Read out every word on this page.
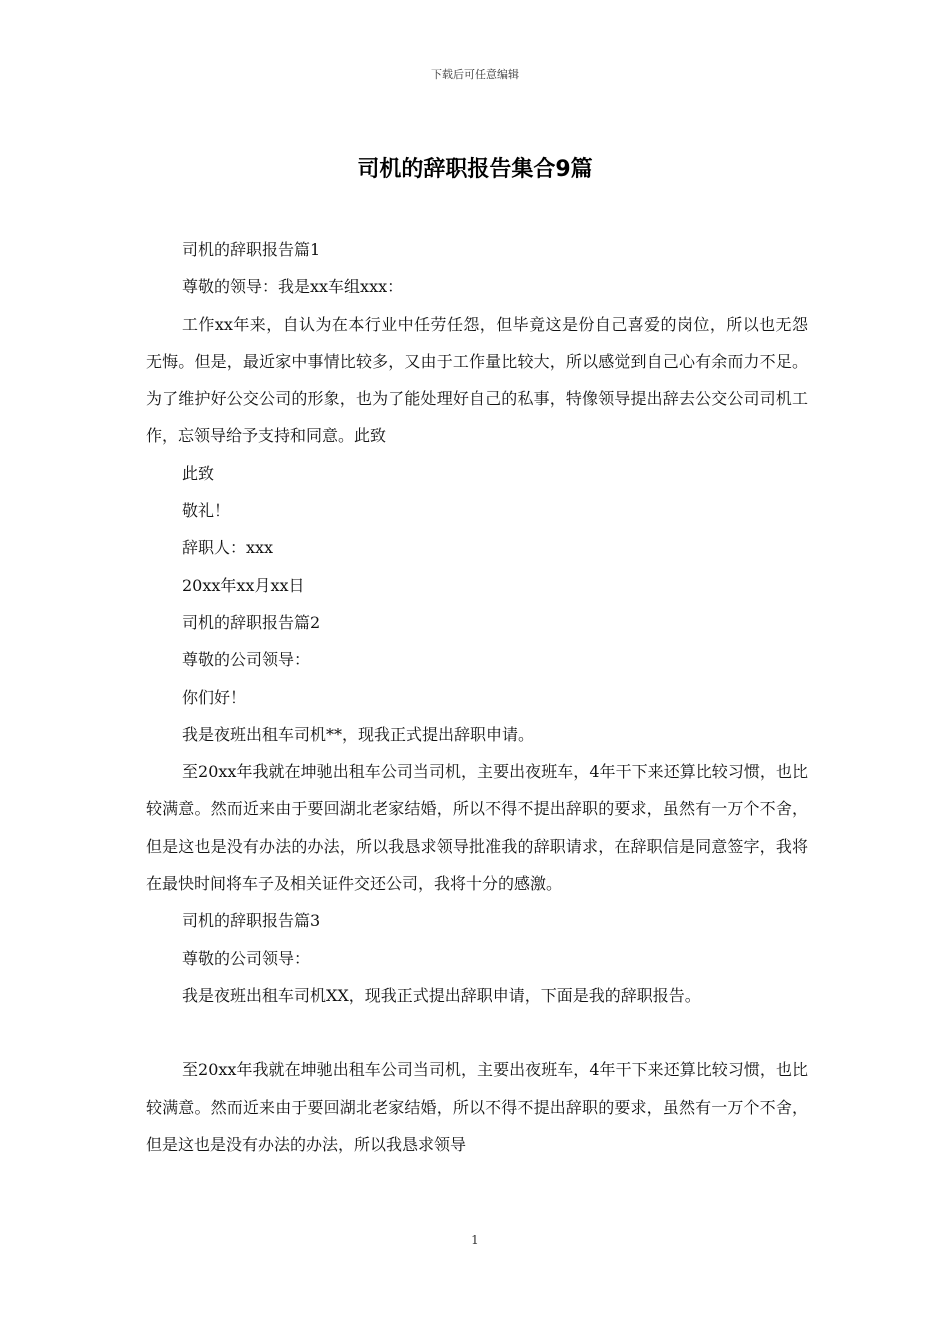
下载后可任意编辑
司机的辞职报告集合9篇

司机的辞职报告篇1

尊敬的领导：我是xx车组xxx：

工作xx年来，自认为在本行业中任劳任怨，但毕竟这是份自己喜爱的岗位，所以也无怨无悔。但是，最近家中事情比较多，又由于工作量比较大，所以感觉到自己心有余而力不足。为了维护好公交公司的形象，也为了能处理好自己的私事，特像领导提出辞去公交公司司机工作，忘领导给予支持和同意。此致

此致

敬礼！

辞职人：xxx

20xx年xx月xx日

司机的辞职报告篇2

尊敬的公司领导：

你们好！

我是夜班出租车司机**，现我正式提出辞职申请。

至20xx年我就在坤驰出租车公司当司机，主要出夜班车，4年干下来还算比较习惯，也比较满意。然而近来由于要回湖北老家结婚，所以不得不提出辞职的要求，虽然有一万个不舍，但是这也是没有办法的办法，所以我恳求领导批准我的辞职请求，在辞职信是同意签字，我将在最快时间将车子及相关证件交还公司，我将十分的感激。

司机的辞职报告篇3

尊敬的公司领导：

我是夜班出租车司机XX，现我正式提出辞职申请，下面是我的辞职报告。

至20xx年我就在坤驰出租车公司当司机，主要出夜班车，4年干下来还算比较习惯，也比较满意。然而近来由于要回湖北老家结婚，所以不得不提出辞职的要求，虽然有一万个不舍，但是这也是没有办法的办法，所以我恳求领导

1
